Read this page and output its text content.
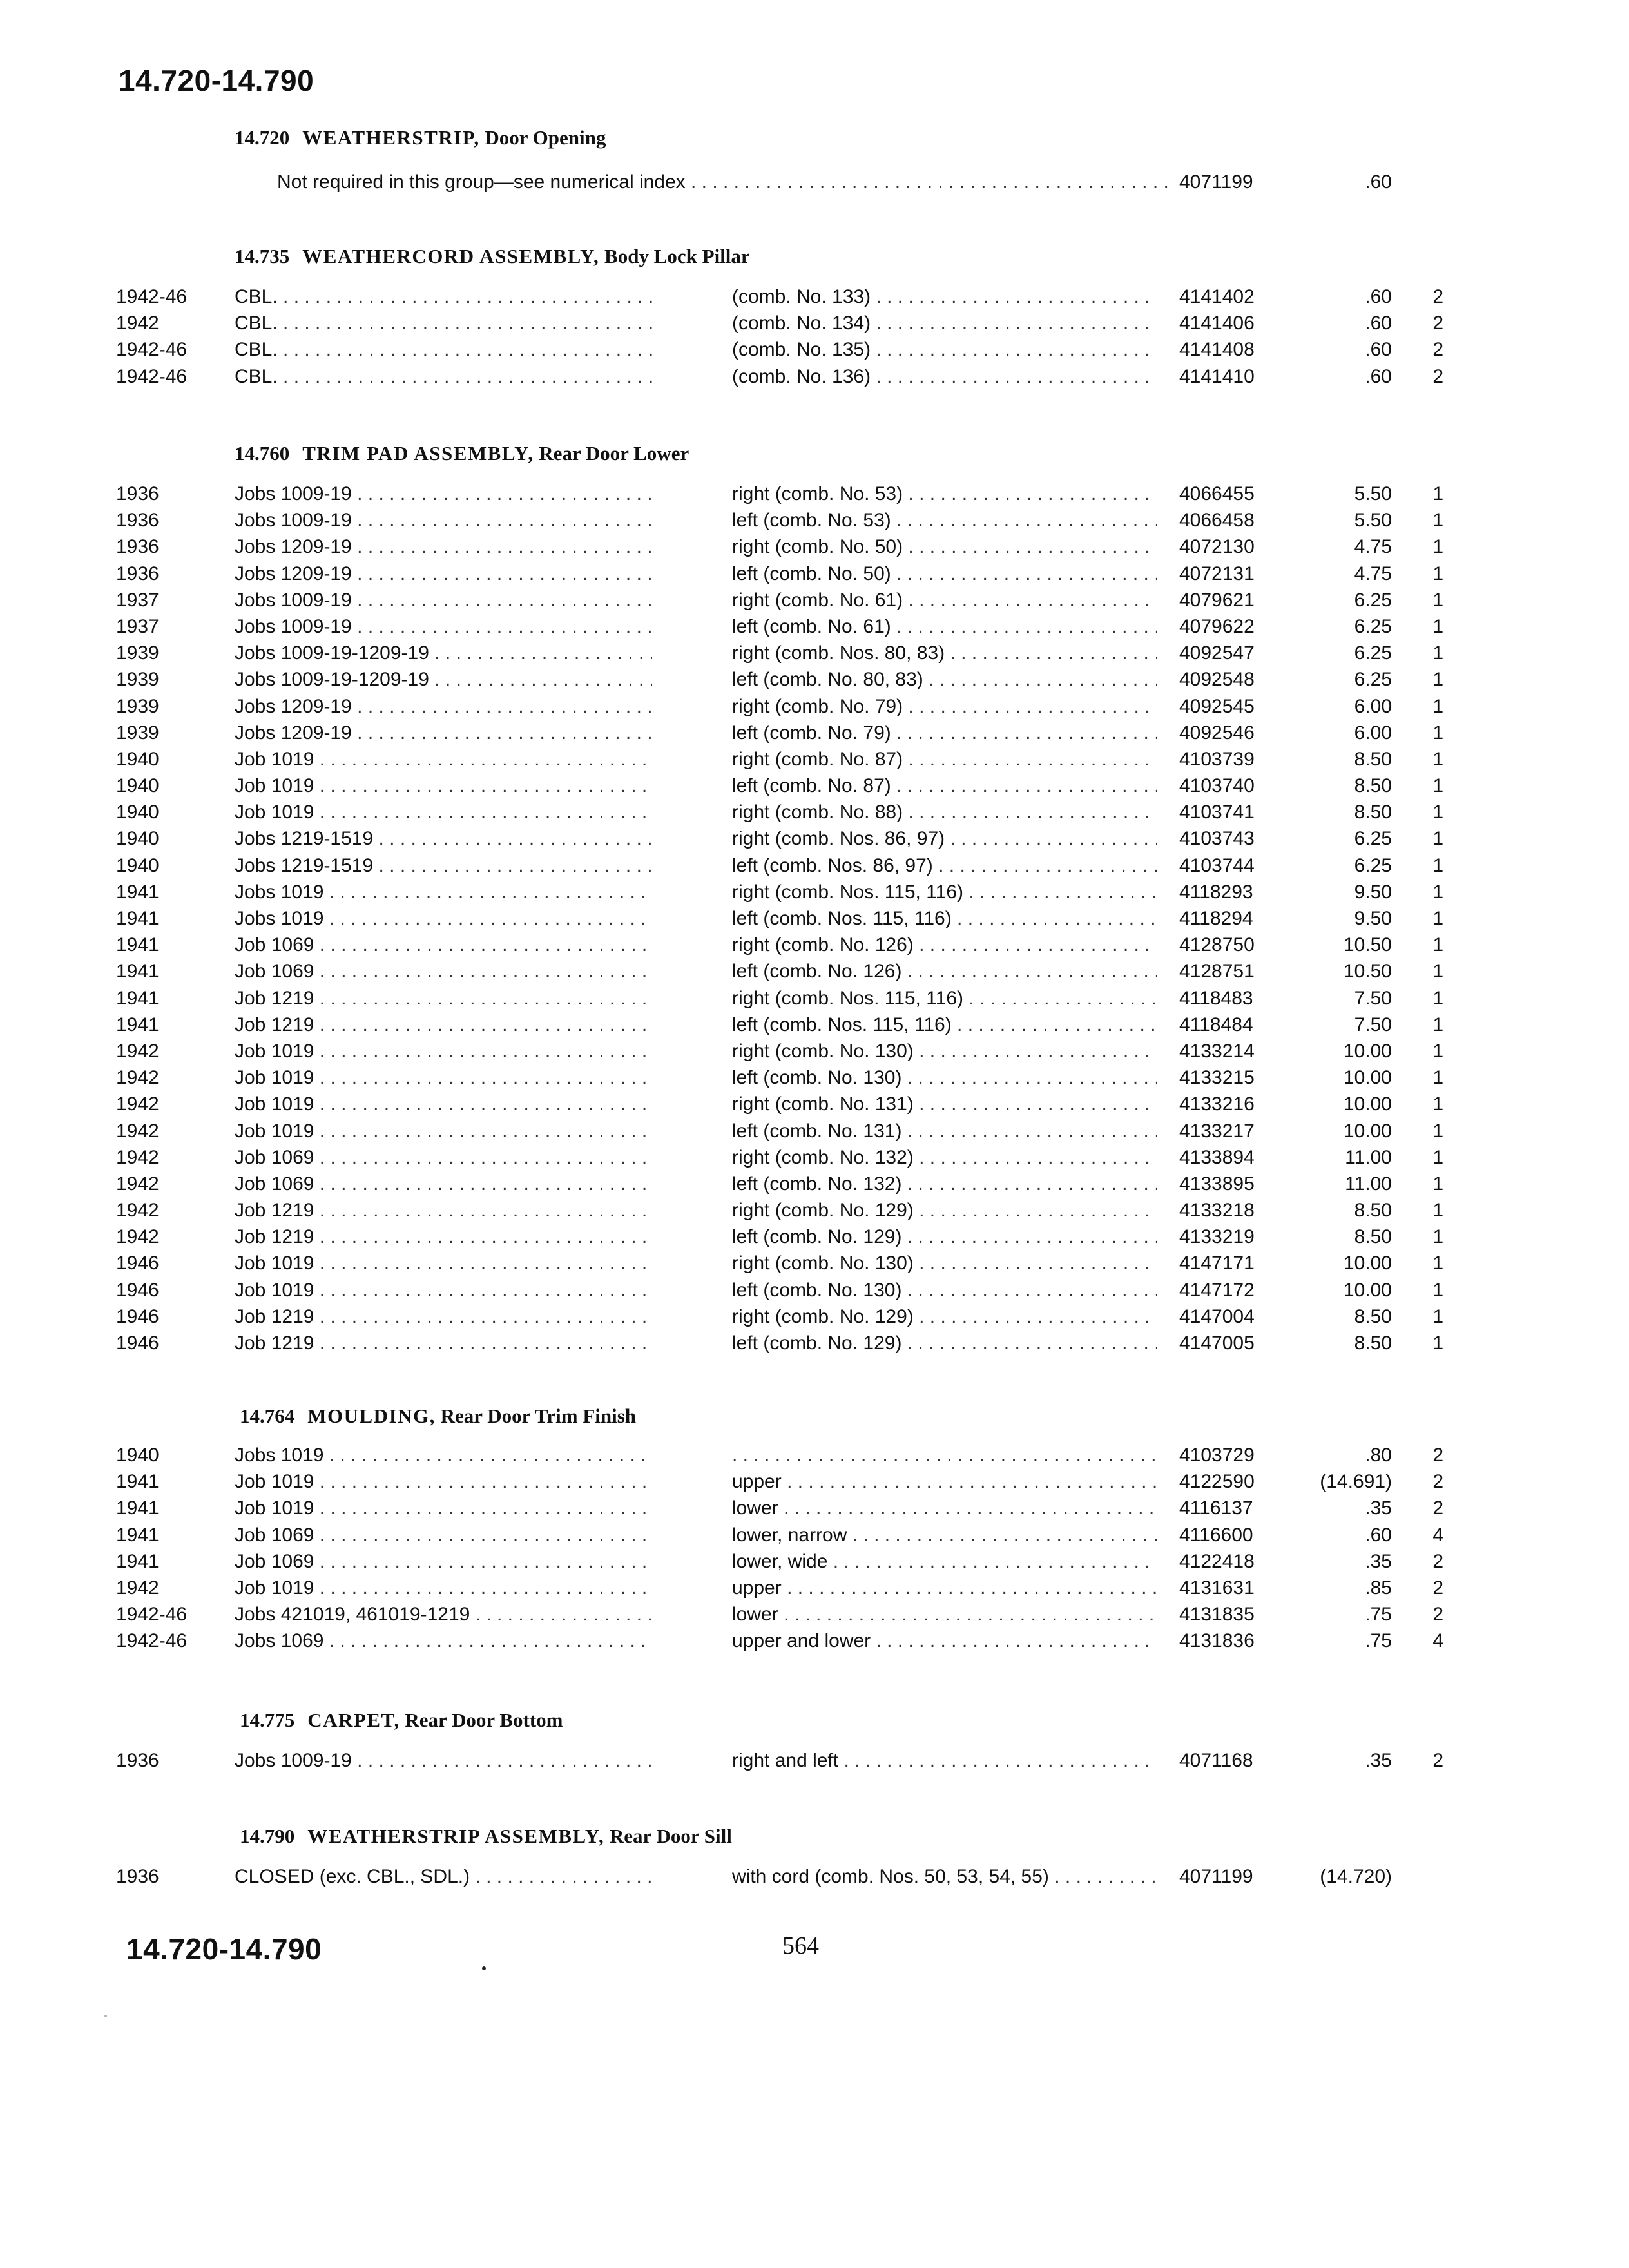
14.720-14.790
14.720 WEATHERSTRIP, Door Opening
Not required in this group—see numerical index . . .	4071199	.60
14.735 WEATHERCORD ASSEMBLY, Body Lock Pillar
1942-46	CBL. . . .	(comb. No. 133) . . .	4141402	.60	2
1942	CBL. . . .	(comb. No. 134) . . .	4141406	.60	2
1942-46	CBL. . . .	(comb. No. 135) . . .	4141408	.60	2
1942-46	CBL. . . .	(comb. No. 136) . . .	4141410	.60	2
14.760 TRIM PAD ASSEMBLY, Rear Door Lower
1936	Jobs 1009-19 . . .	right (comb. No. 53) . . .	4066455	5.50	1
1936	Jobs 1009-19 . . .	left (comb. No. 53) . . .	4066458	5.50	1
1936	Jobs 1209-19 . . .	right (comb. No. 50) . . .	4072130	4.75	1
1936	Jobs 1209-19 . . .	left (comb. No. 50) . . .	4072131	4.75	1
1937	Jobs 1009-19 . . .	right (comb. No. 61) . . .	4079621	6.25	1
1937	Jobs 1009-19 . . .	left (comb. No. 61) . . .	4079622	6.25	1
1939	Jobs 1009-19-1209-19 . . .	right (comb. Nos. 80, 83) . . .	4092547	6.25	1
1939	Jobs 1009-19-1209-19 . . .	left (comb. No. 80, 83) . . .	4092548	6.25	1
1939	Jobs 1209-19 . . .	right (comb. No. 79) . . .	4092545	6.00	1
1939	Jobs 1209-19 . . .	left (comb. No. 79) . . .	4092546	6.00	1
1940	Job 1019 . . .	right (comb. No. 87) . . .	4103739	8.50	1
1940	Job 1019 . . .	left (comb. No. 87) . . .	4103740	8.50	1
1940	Job 1019 . . .	right (comb. No. 88) . . .	4103741	8.50	1
1940	Jobs 1219-1519 . . .	right (comb. Nos. 86, 97) . . .	4103743	6.25	1
1940	Jobs 1219-1519 . . .	left (comb. Nos. 86, 97) . . .	4103744	6.25	1
1941	Jobs 1019 . . .	right (comb. Nos. 115, 116) . . .	4118293	9.50	1
1941	Jobs 1019 . . .	left (comb. Nos. 115, 116) . . .	4118294	9.50	1
1941	Job 1069 . . .	right (comb. No. 126) . . .	4128750	10.50	1
1941	Job 1069 . . .	left (comb. No. 126) . . .	4128751	10.50	1
1941	Job 1219 . . .	right (comb. Nos. 115, 116) . . .	4118483	7.50	1
1941	Job 1219 . . .	left (comb. Nos. 115, 116) . . .	4118484	7.50	1
1942	Job 1019 . . .	right (comb. No. 130) . . .	4133214	10.00	1
1942	Job 1019 . . .	left (comb. No. 130) . . .	4133215	10.00	1
1942	Job 1019 . . .	right (comb. No. 131) . . .	4133216	10.00	1
1942	Job 1019 . . .	left (comb. No. 131) . . .	4133217	10.00	1
1942	Job 1069 . . .	right (comb. No. 132) . . .	4133894	11.00	1
1942	Job 1069 . . .	left (comb. No. 132) . . .	4133895	11.00	1
1942	Job 1219 . . .	right (comb. No. 129) . . .	4133218	8.50	1
1942	Job 1219 . . .	left (comb. No. 129) . . .	4133219	8.50	1
1946	Job 1019 . . .	right (comb. No. 130) . . .	4147171	10.00	1
1946	Job 1019 . . .	left (comb. No. 130) . . .	4147172	10.00	1
1946	Job 1219 . . .	right (comb. No. 129) . . .	4147004	8.50	1
1946	Job 1219 . . .	left (comb. No. 129) . . .	4147005	8.50	1
14.764 MOULDING, Rear Door Trim Finish
1940	Jobs 1019 . . .
. . .	4103729	.80	2
1941	Job 1019 . . .	upper . . .	4122590	(14.691)	2
1941	Job 1019 . . .	lower . . .	4116137	.35	2
1941	Job 1069 . . .	lower, narrow . . .	4116600	.60	4
1941	Job 1069 . . .	lower, wide . . .	4122418	.35	2
1942	Job 1019 . . .	upper . . .	4131631	.85	2
1942-46	Jobs 421019, 461019-1219 . . .	lower . . .	4131835	.75	2
1942-46	Jobs 1069 . . .	upper and lower . . .	4131836	.75	4
14.775 CARPET, Rear Door Bottom
1936	Jobs 1009-19 . . .	right and left . . .	4071168	.35	2
14.790 WEATHERSTRIP ASSEMBLY, Rear Door Sill
1936	CLOSED (exc. CBL., SDL.) . . .	with cord (comb. Nos. 50, 53, 54, 55) . . .	4071199	(14.720)
14.720-14.790	564
